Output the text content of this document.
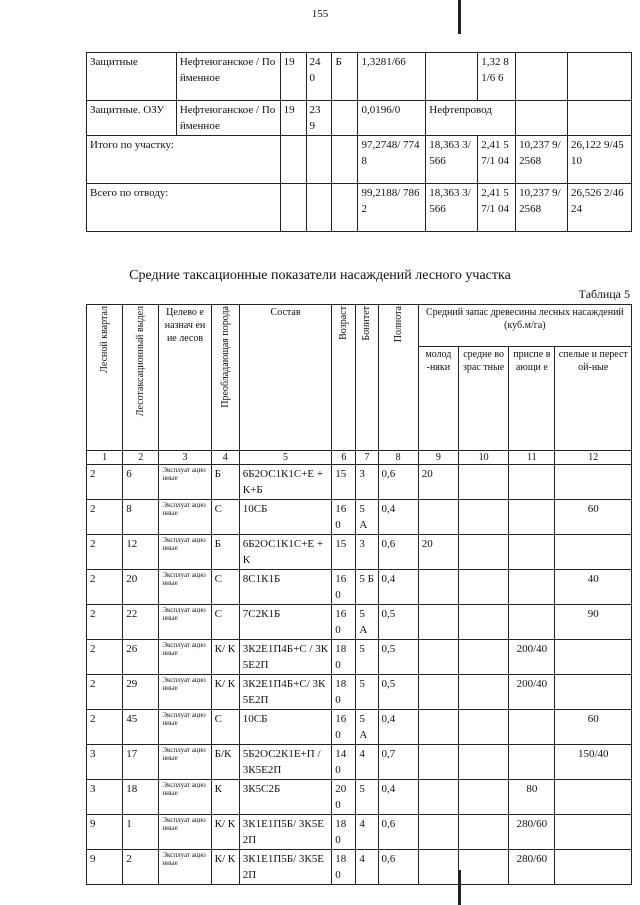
155
Защитные	Нефтеюганское / Пойменное	19	24 0	Б	1,3281/66		1,32 81/6 6		
Защитные. ОЗУ	Нефтеюганское / Пойменное	19	23 9		0,0196/0	Нефтепровод			
Итого по участку:					97,2748/ 7748	18,363 3/566	2,41 57/1 04	10,237 9/2568	26,122 9/4510
Всего по отводу:					99,2188/ 7862	18,363 3/566	2,41 57/1 04	10,237 9/2568	26,526 2/4624
Средние таксационные показатели насаждений лесного участка
Таблица 5
Лесной квартал	Лесотаксационный выдел	Целево е назнач ение лесов	Преобладающая порода	Состав	Возраст	Бонитет	Полнота	Средний запас древесины лесных насаждений (куб.м/га)			
								молод -няки	средне возрас тные	приспе вающи е	спелые и перестой-ные
1	2	3	4	5	6	7	8	9	10	11	12
2	6	Эксплуат ационные	Б	6Б2ОС1К1С+Е +К+Б	15	3	0,6	20			
2	8	Эксплуат ационные	С	10СБ	16 0	5 А	0,4				60
2	12	Эксплуат ационные	Б	6Б2ОС1К1С+Е +К	15	3	0,6	20			
2	20	Эксплуат ационные	С	8С1К1Б	16 0	5 Б	0,4				40
2	22	Эксплуат ационные	С	7С2К1Б	16 0	5 А	0,5				90
2	26	Эксплуат ационные	К/ К	3К2Е1П4Б+С / 3К5Е2П	18 0	5	0,5			200/40	
2	29	Эксплуат ационные	К/ К	3К2Е1П4Б+С/ 3К5Е2П	18 0	5	0,5			200/40	
2	45	Эксплуат ационные	С	10СБ	16 0	5 А	0,4				60
3	17	Эксплуат ационные	Б/К	5Б2ОС2К1Е+П / 3К5Е2П	14 0	4	0,7				150/40
3	18	Эксплуат ационные	К	3К5С2Б	20 0	5	0,4			80	
9	1	Эксплуат ационные	К/ К	3К1Е1П5Б/ 3К5Е2П	18 0	4	0,6			280/60	
9	2	Эксплуат ационные	К/ К	3К1Е1П5Б/ 3К5Е2П	18 0	4	0,6			280/60	
